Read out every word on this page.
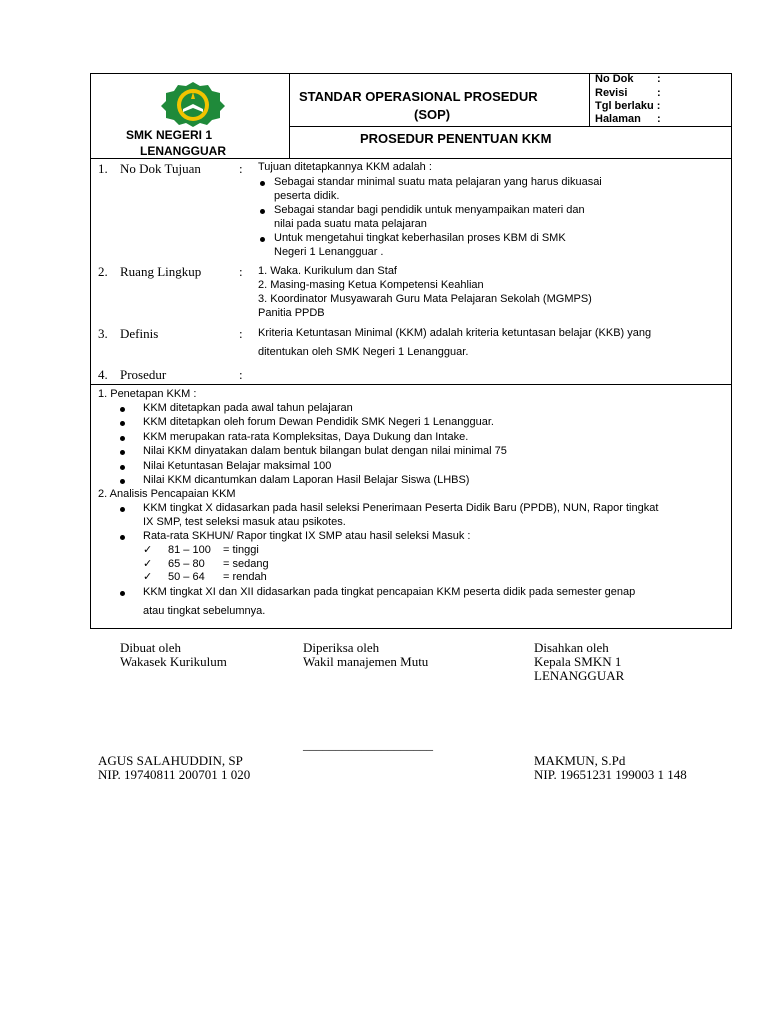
SMK NEGERI 1
LENANGGUAR
STANDAR OPERASIONAL PROSEDUR
(SOP)
PROSEDUR PENENTUAN KKM
No Dok :
Revisi	:
Tgl berlaku :
Halaman :
1. No Dok Tujuan	: Tujuan ditetapkannya KKM adalah :
Sebagai standar minimal suatu mata pelajaran yang harus dikuasai
peserta didik.
Sebagai standar bagi pendidik untuk menyampaikan materi dan
nilai pada suatu mata pelajaran
Untuk mengetahui tingkat keberhasilan proses KBM di SMK
Negeri 1 Lenangguar .
2. Ruang Lingkup	: 1. Waka. Kurikulum dan Staf
2. Masing-masing Ketua Kompetensi Keahlian
3. Koordinator Musyawarah Guru Mata Pelajaran Sekolah (MGMPS)
Panitia PPDB
3. Definis	: Kriteria Ketuntasan Minimal (KKM) adalah kriteria ketuntasan belajar (KKB) yang
ditentukan oleh SMK Negeri 1 Lenangguar.
4. Prosedur	:
1. Penetapan KKM :
KKM ditetapkan pada awal tahun pelajaran
KKM ditetapkan oleh forum Dewan Pendidik SMK Negeri 1 Lenangguar.
KKM merupakan rata-rata Kompleksitas, Daya Dukung dan Intake.
Nilai KKM dinyatakan dalam bentuk bilangan bulat dengan nilai minimal 75
Nilai Ketuntasan Belajar maksimal 100
Nilai KKM dicantumkan dalam Laporan Hasil Belajar Siswa (LHBS)
2. Analisis Pencapaian KKM
KKM tingkat X didasarkan pada hasil seleksi Penerimaan Peserta Didik Baru (PPDB), NUN, Rapor tingkat
IX SMP, test seleksi masuk atau psikotes.
Rata-rata SKHUN/ Rapor tingkat IX SMP atau hasil seleksi Masuk :
✓ 81 – 100 = tinggi
✓ 65 – 80 = sedang
✓ 50 – 64 = rendah
KKM tingkat XI dan XII didasarkan pada tingkat pencapaian KKM peserta didik pada semester genap
atau tingkat sebelumnya.
Dibuat oleh
Wakasek Kurikulum
Diperiksa oleh
Wakil manajemen Mutu
Disahkan oleh
Kepala SMKN 1
LENANGGUAR
____________________
AGUS SALAHUDDIN, SP
NIP. 19740811 200701 1 020
MAKMUN, S.Pd
NIP. 19651231 199003 1 148
